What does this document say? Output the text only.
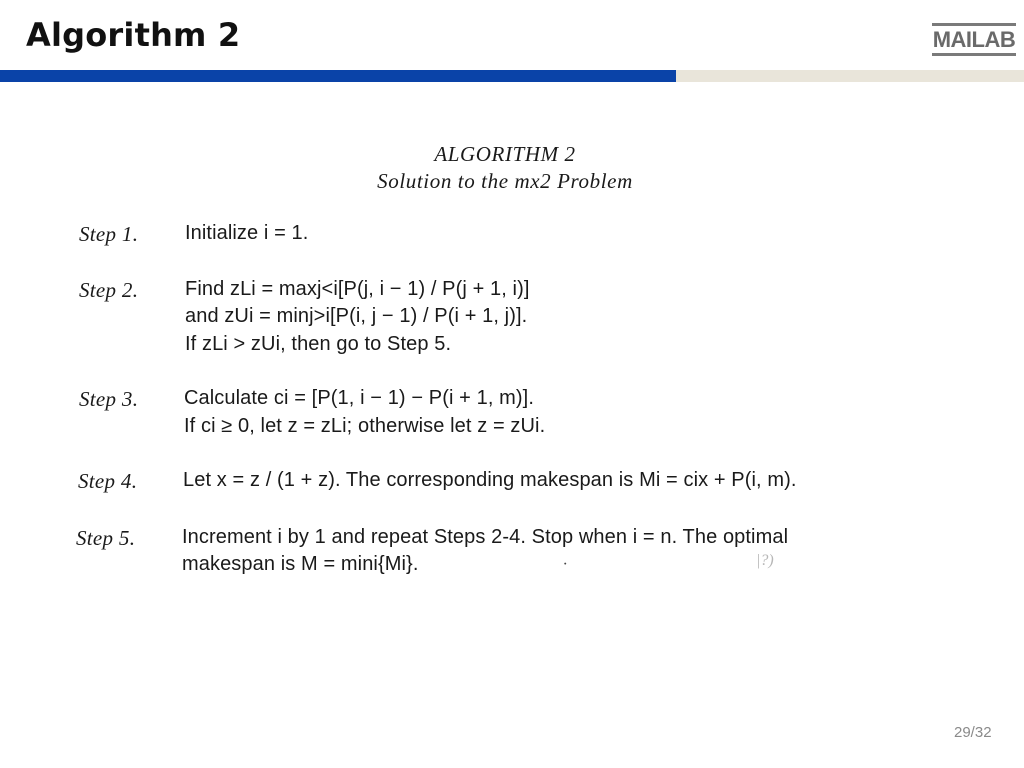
Algorithm 2	MAILAB
ALGORITHM 2
Solution to the mx2 Problem
Step 1. Initialize i = 1.
Step 2. Find zLi = maxj<i[P(j, i − 1) / P(j + 1, i)]
and zUi = minj>i[P(i, j − 1) / P(i + 1, j)].
If zLi > zUi, then go to Step 5.
Step 3. Calculate ci = [P(1, i − 1) − P(i + 1, m)].
If ci ≥ 0, let z = zLi; otherwise let z = zUi.
Step 4. Let x = z / (1 + z). The corresponding makespan is Mi = cix + P(i, m).
Step 5. Increment i by 1 and repeat Steps 2-4. Stop when i = n. The optimal
makespan is M = mini{Mi}.	·	|?)
29/32
